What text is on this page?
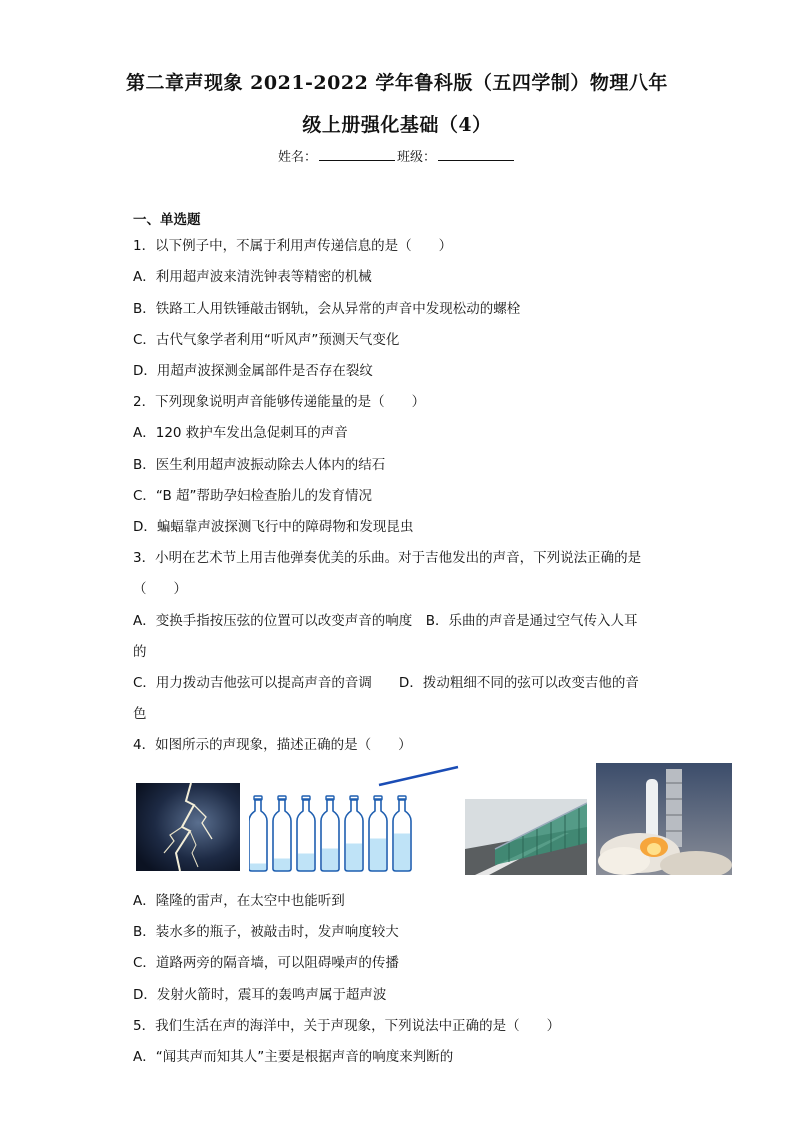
第二章声现象 2021-2022 学年鲁科版（五四学制）物理八年
级上册强化基础（4）
姓名：	班级：
一、单选题
1．以下例子中，不属于利用声传递信息的是（　　）
A．利用超声波来清洗钟表等精密的机械
B．铁路工人用铁锤敲击钢轨，会从异常的声音中发现松动的螺栓
C．古代气象学者利用“听风声”预测天气变化
D．用超声波探测金属部件是否存在裂纹
2．下列现象说明声音能够传递能量的是（　　）
A．120 救护车发出急促刺耳的声音
B．医生利用超声波振动除去人体内的结石
C．“B 超”帮助孕妇检查胎儿的发育情况
D．蝙蝠靠声波探测飞行中的障碍物和发现昆虫
3．小明在艺术节上用吉他弹奏优美的乐曲。对于吉他发出的声音，下列说法正确的是
（　　）
A．变换手指按压弦的位置可以改变声音的响度　B．乐曲的声音是通过空气传入人耳
的
C．用力拨动吉他弦可以提高声音的音调　　D．拨动粗细不同的弦可以改变吉他的音
色
4．如图所示的声现象，描述正确的是（　　）
A．隆隆的雷声，在太空中也能听到
B．装水多的瓶子，被敲击时，发声响度较大
C．道路两旁的隔音墙，可以阻碍噪声的传播
D．发射火箭时，震耳的轰鸣声属于超声波
5．我们生活在声的海洋中，关于声现象，下列说法中正确的是（　　）
A．“闻其声而知其人”主要是根据声音的响度来判断的
